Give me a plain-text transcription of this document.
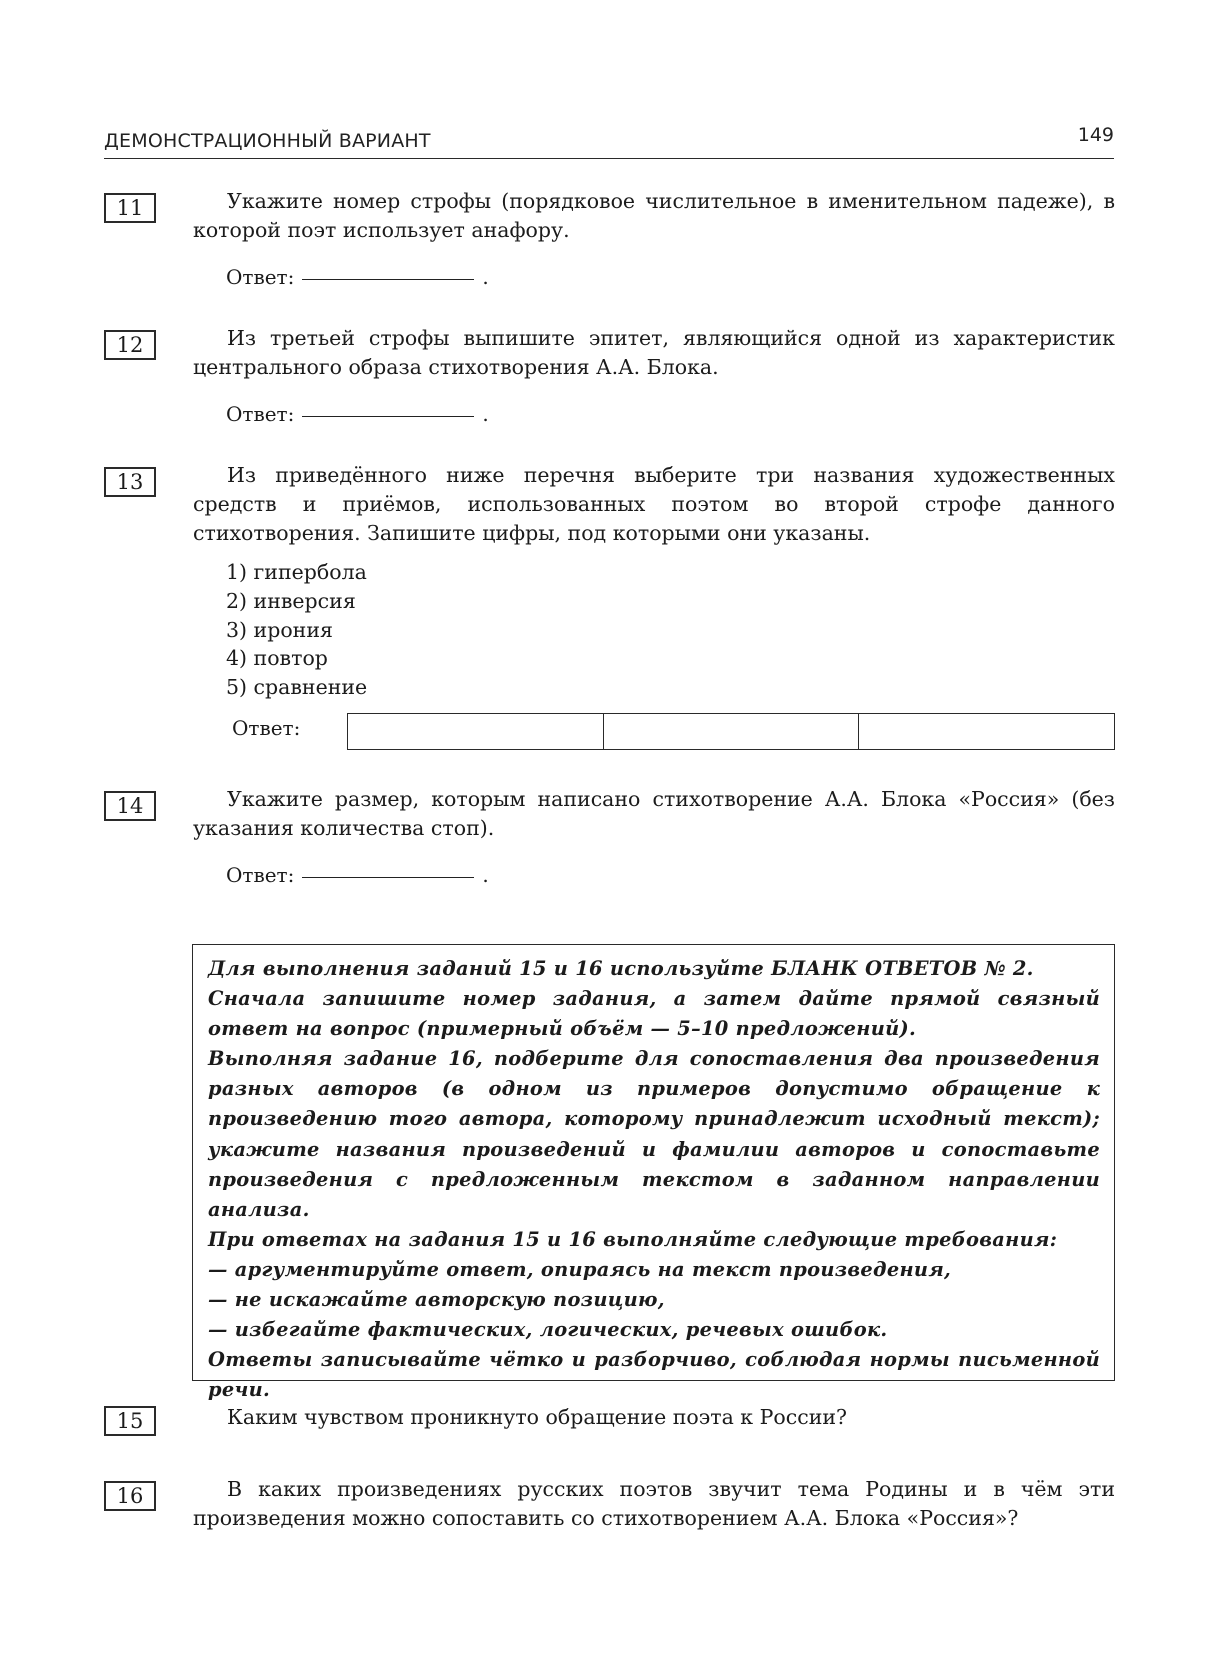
ДЕМОНСТРАЦИОННЫЙ ВАРИАНТ	149
11	Укажите номер строфы (порядковое числительное в именительном падеже), в которой поэт использует анафору.
Ответ:	.
12	Из третьей строфы выпишите эпитет, являющийся одной из характеристик центрального образа стихотворения А.А. Блока.
Ответ:	.
13	Из приведённого ниже перечня выберите три названия художественных средств и приёмов, использованных поэтом во второй строфе данного стихотворения. Запишите цифры, под которыми они указаны.
1) гипербола
2) инверсия
3) ирония
4) повтор
5) сравнение
Ответ:
14	Укажите размер, которым написано стихотворение А.А. Блока «Россия» (без указания количества стоп).
Ответ:	.

Для выполнения заданий 15 и 16 используйте БЛАНК ОТВЕТОВ № 2.

Сначала запишите номер задания, а затем дайте прямой связный ответ на вопрос (примерный объём — 5–10 предложений).

Выполняя задание 16, подберите для сопоставления два произведения разных авторов (в одном из примеров допустимо обращение к произведению того автора, которому принадлежит исходный текст); укажите названия произведений и фамилии авторов и сопоставьте произведения с предложенным текстом в заданном направлении анализа.

При ответах на задания 15 и 16 выполняйте следующие требования:

— аргументируйте ответ, опираясь на текст произведения,

— не искажайте авторскую позицию,

— избегайте фактических, логических, речевых ошибок.

Ответы записывайте чётко и разборчиво, соблюдая нормы письменной речи.

15	Каким чувством проникнуто обращение поэта к России?
16	В каких произведениях русских поэтов звучит тема Родины и в чём эти произведения можно сопоставить со стихотворением А.А. Блока «Россия»?
